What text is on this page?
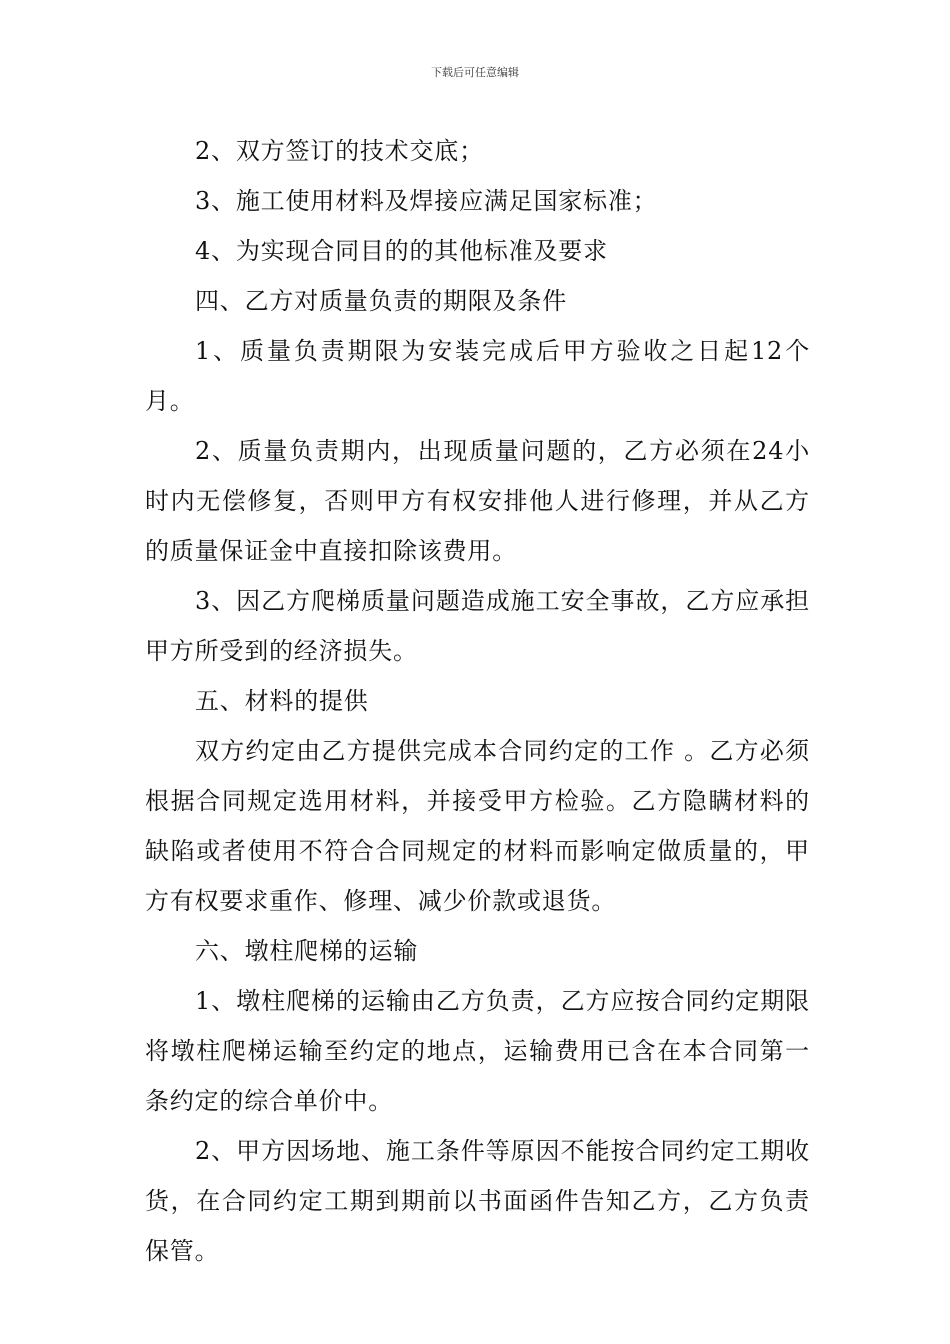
下载后可任意编辑

2、双方签订的技术交底；

3、施工使用材料及焊接应满足国家标准；

4、为实现合同目的的其他标准及要求

四、乙方对质量负责的期限及条件

1、质量负责期限为安装完成后甲方验收之日起12个月。

2、质量负责期内，出现质量问题的，乙方必须在24小时内无偿修复，否则甲方有权安排他人进行修理，并从乙方的质量保证金中直接扣除该费用。

3、因乙方爬梯质量问题造成施工安全事故，乙方应承担甲方所受到的经济损失。

五、材料的提供

双方约定由乙方提供完成本合同约定的工作 。乙方必须根据合同规定选用材料，并接受甲方检验。乙方隐瞒材料的缺陷或者使用不符合合同规定的材料而影响定做质量的，甲方有权要求重作、修理、减少价款或退货。

六、墩柱爬梯的运输

1、墩柱爬梯的运输由乙方负责，乙方应按合同约定期限将墩柱爬梯运输至约定的地点，运输费用已含在本合同第一条约定的综合单价中。

2、甲方因场地、施工条件等原因不能按合同约定工期收货，在合同约定工期到期前以书面函件告知乙方，乙方负责保管。
